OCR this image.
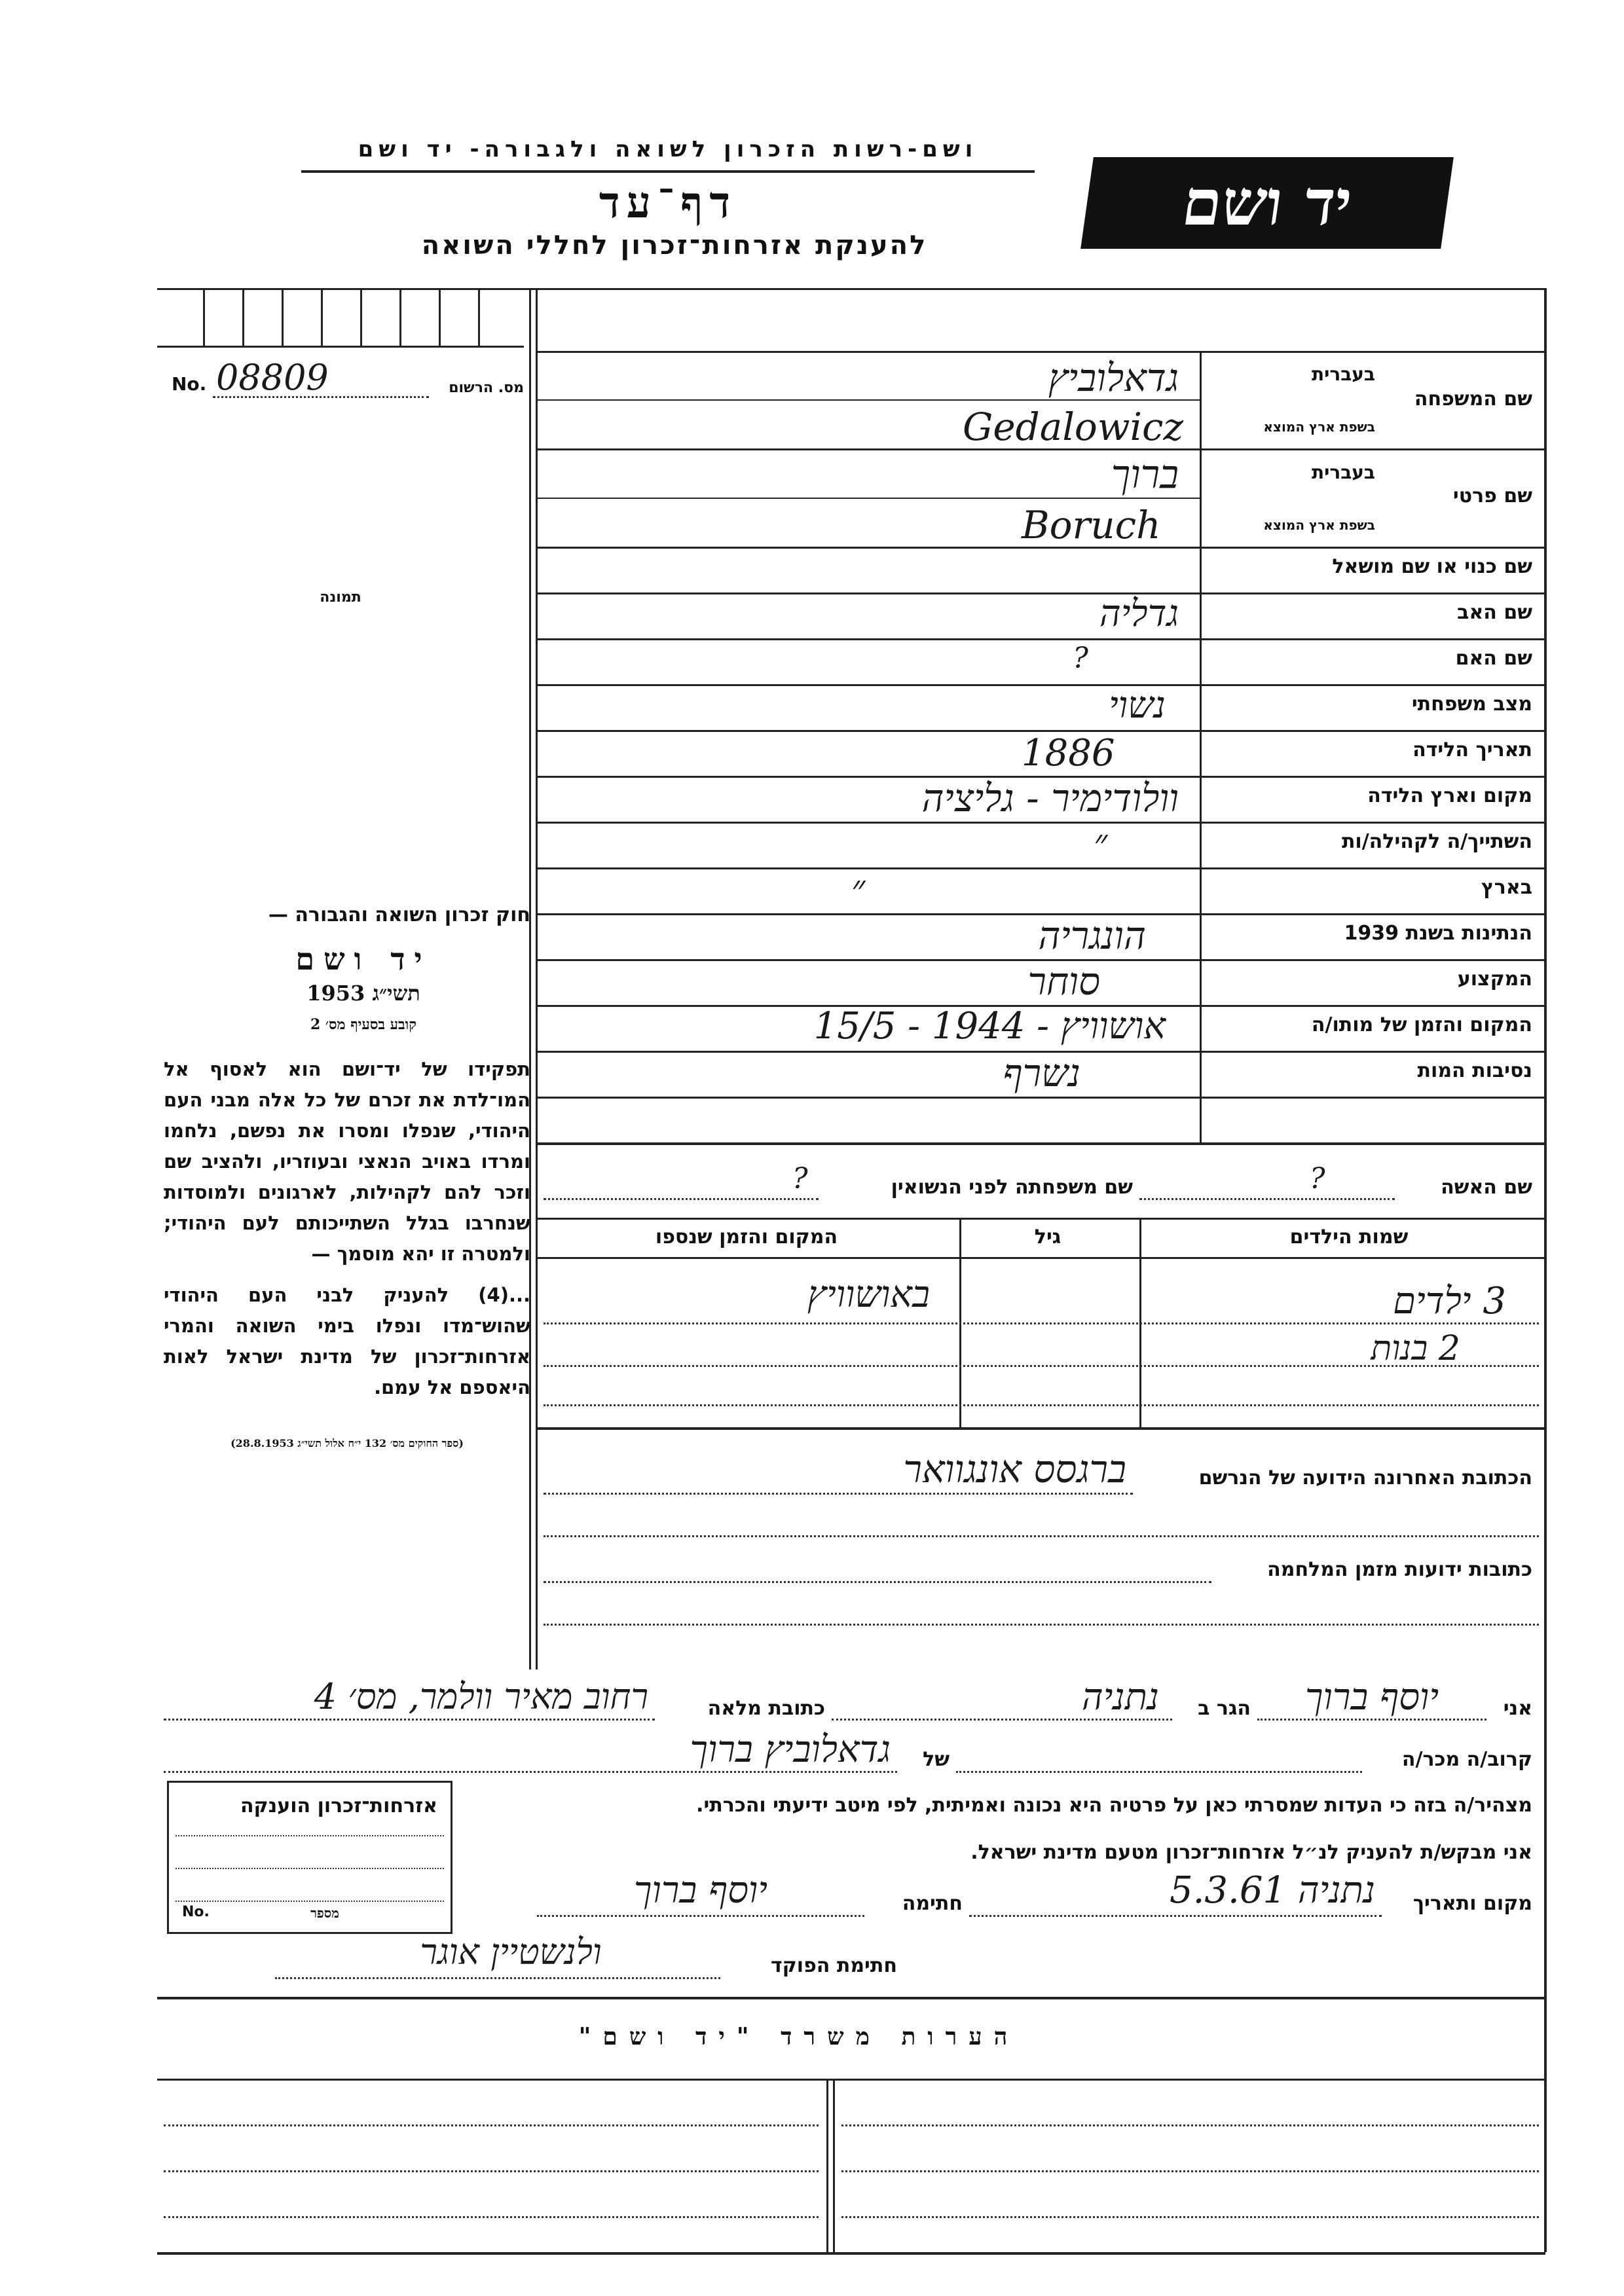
ושם-רשות הזכרון לשואה ולגבורה- יד ושם
דף־עד
להענקת אזרחות־זכרון לחללי השואה
יד ושם
No. 08809	מס. הרשום
תמונה
חוק זכרון השואה והגבורה —
יד ושם
תשי״ג 1953
קובע בסעיף מס׳ 2
תפקידו של יד־ושם הוא לאסוף אל המו־לדת את זכרם של כל אלה מבני העם היהודי, שנפלו ומסרו את נפשם, נלחמו ומרדו באויב הנאצי ובעוזריו, ולהציב שם וזכר להם לקהילות, לארגונים ולמוסדות שנחרבו בגלל השתייכותם לעם היהודי; ולמטרה זו יהא מוסמך —
...(4) להעניק לבני העם היהודי שהוש־מדו ונפלו בימי השואה והמרי אזרחות־זכרון של מדינת ישראל לאות היאספם אל עמם.
(ספר החוקים מס׳ 132 י״ח אלול תשי״ג 28.8.1953)
שם המשפחה
בעברית
בשפת ארץ המוצא
גדאלוביץ
Gedalowicz
שם פרטי
בעברית
בשפת ארץ המוצא
ברוך
Boruch
שם כנוי או שם מושאל
שם האב
גדליה
שם האם
?
מצב משפחתי
נשוי
תאריך הלידה
1886
מקום וארץ הלידה
וולודימיר - גליציה
השתייך/ה לקהילה/ות
״
בארץ
״
הנתינות בשנת 1939
הונגריה
המקצוע
סוחר
המקום והזמן של מותו/ה
אושוויץ - 1944 - 15/5
נסיבות המות
נשרף
שם האשה
?
שם משפחתה לפני הנשואין
?
שמות הילדים
גיל
המקום והזמן שנספו
3 ילדים
באושוויץ
2 בנות
הכתובת האחרונה הידועה של הנרשם
ברגסס אונגוואר
כתובות ידועות מזמן המלחמה
אני
יוסף ברוך
הגר ב
נתניה
כתובת מלאה
רחוב מאיר וולמר, מס׳ 4
קרוב/ה מכר/ה
של
גדאלוביץ ברוך
מצהיר/ה בזה כי העדות שמסרתי כאן על פרטיה היא נכונה ואמיתית, לפי מיטב ידיעתי והכרתי.
אני מבקש/ת להעניק לנ״ל אזרחות־זכרון מטעם מדינת ישראל.
מקום ותאריך
נתניה 5.3.61
חתימה
יוסף ברוך
חתימת הפוקד
ולנשטיין אוגר
אזרחות־זכרון הוענקה
No.	מספר
הערות משרד "יד ושם"
